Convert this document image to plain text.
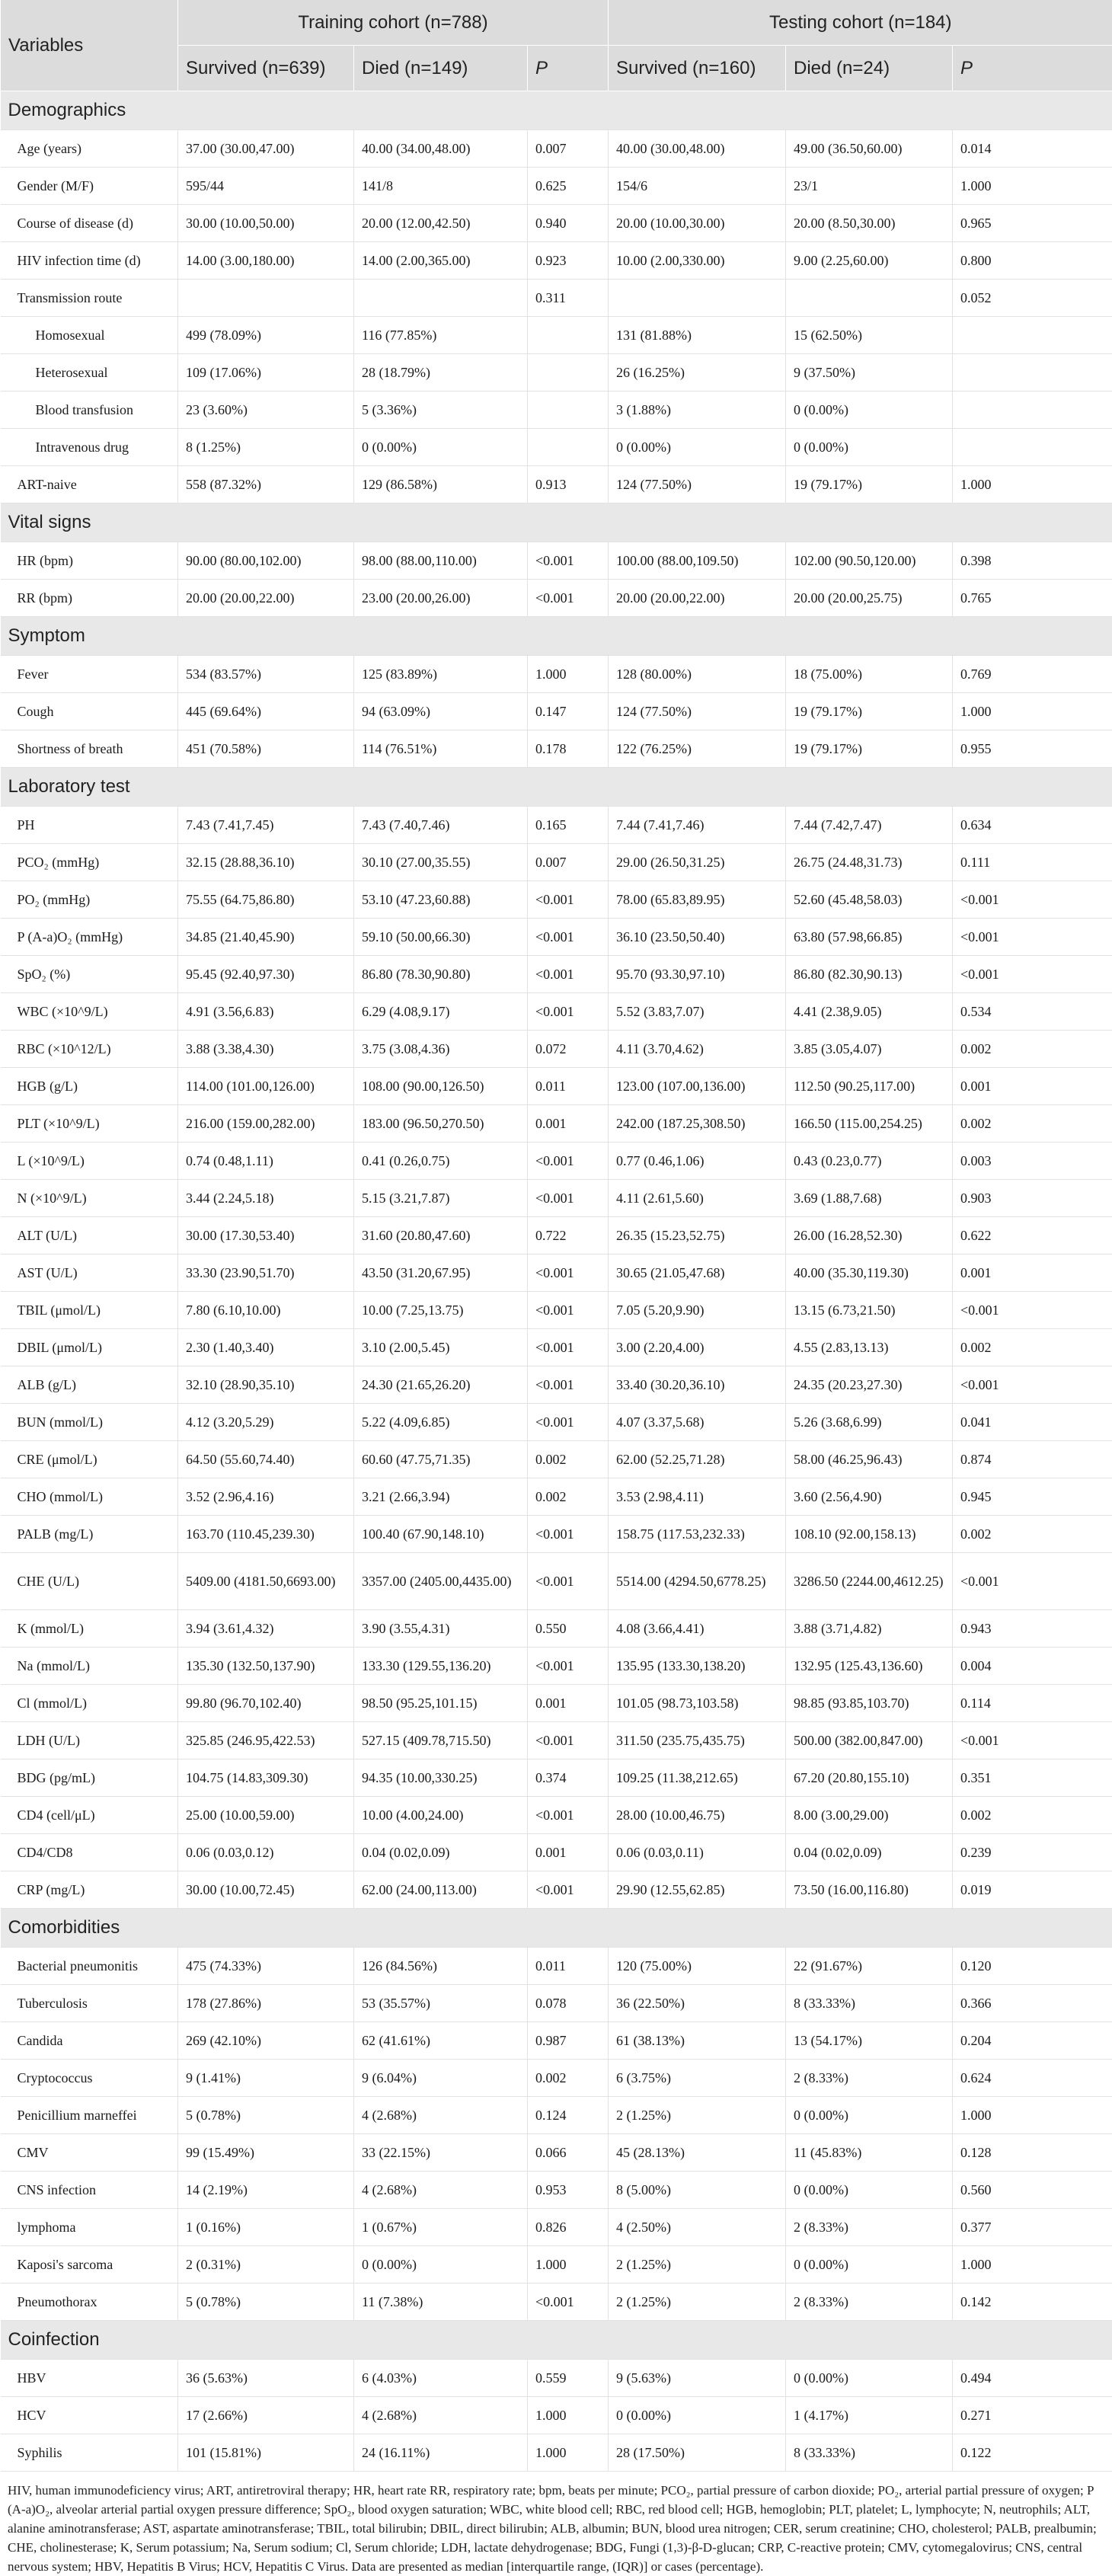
Variables	Training cohort (n=788)			Testing cohort (n=184)		
	Survived (n=639)	Died (n=149)	P	Survived (n=160)	Died (n=24)	P
Demographics						
Age (years)	37.00 (30.00,47.00)	40.00 (34.00,48.00)	0.007	40.00 (30.00,48.00)	49.00 (36.50,60.00)	0.014
Gender (M/F)	595/44	141/8	0.625	154/6	23/1	1.000
Course of disease (d)	30.00 (10.00,50.00)	20.00 (12.00,42.50)	0.940	20.00 (10.00,30.00)	20.00 (8.50,30.00)	0.965
HIV infection time (d)	14.00 (3.00,180.00)	14.00 (2.00,365.00)	0.923	10.00 (2.00,330.00)	9.00 (2.25,60.00)	0.800
Transmission route			0.311			0.052
Homosexual	499 (78.09%)	116 (77.85%)		131 (81.88%)	15 (62.50%)	
Heterosexual	109 (17.06%)	28 (18.79%)		26 (16.25%)	9 (37.50%)	
Blood transfusion	23 (3.60%)	5 (3.36%)		3 (1.88%)	0 (0.00%)	
Intravenous drug	8 (1.25%)	0 (0.00%)		0 (0.00%)	0 (0.00%)	
ART-naive	558 (87.32%)	129 (86.58%)	0.913	124 (77.50%)	19 (79.17%)	1.000
Vital signs						
HR (bpm)	90.00 (80.00,102.00)	98.00 (88.00,110.00)	<0.001	100.00 (88.00,109.50)	102.00 (90.50,120.00)	0.398
RR (bpm)	20.00 (20.00,22.00)	23.00 (20.00,26.00)	<0.001	20.00 (20.00,22.00)	20.00 (20.00,25.75)	0.765
Symptom						
Fever	534 (83.57%)	125 (83.89%)	1.000	128 (80.00%)	18 (75.00%)	0.769
Cough	445 (69.64%)	94 (63.09%)	0.147	124 (77.50%)	19 (79.17%)	1.000
Shortness of breath	451 (70.58%)	114 (76.51%)	0.178	122 (76.25%)	19 (79.17%)	0.955
Laboratory test						
PH	7.43 (7.41,7.45)	7.43 (7.40,7.46)	0.165	7.44 (7.41,7.46)	7.44 (7.42,7.47)	0.634
PCO₂ (mmHg)	32.15 (28.88,36.10)	30.10 (27.00,35.55)	0.007	29.00 (26.50,31.25)	26.75 (24.48,31.73)	0.111
PO₂ (mmHg)	75.55 (64.75,86.80)	53.10 (47.23,60.88)	<0.001	78.00 (65.83,89.95)	52.60 (45.48,58.03)	<0.001
P (A-a)O₂ (mmHg)	34.85 (21.40,45.90)	59.10 (50.00,66.30)	<0.001	36.10 (23.50,50.40)	63.80 (57.98,66.85)	<0.001
SpO₂ (%)	95.45 (92.40,97.30)	86.80 (78.30,90.80)	<0.001	95.70 (93.30,97.10)	86.80 (82.30,90.13)	<0.001
WBC (×10^9/L)	4.91 (3.56,6.83)	6.29 (4.08,9.17)	<0.001	5.52 (3.83,7.07)	4.41 (2.38,9.05)	0.534
RBC (×10^12/L)	3.88 (3.38,4.30)	3.75 (3.08,4.36)	0.072	4.11 (3.70,4.62)	3.85 (3.05,4.07)	0.002
HGB (g/L)	114.00 (101.00,126.00)	108.00 (90.00,126.50)	0.011	123.00 (107.00,136.00)	112.50 (90.25,117.00)	0.001
PLT (×10^9/L)	216.00 (159.00,282.00)	183.00 (96.50,270.50)	0.001	242.00 (187.25,308.50)	166.50 (115.00,254.25)	0.002
L (×10^9/L)	0.74 (0.48,1.11)	0.41 (0.26,0.75)	<0.001	0.77 (0.46,1.06)	0.43 (0.23,0.77)	0.003
N (×10^9/L)	3.44 (2.24,5.18)	5.15 (3.21,7.87)	<0.001	4.11 (2.61,5.60)	3.69 (1.88,7.68)	0.903
ALT (U/L)	30.00 (17.30,53.40)	31.60 (20.80,47.60)	0.722	26.35 (15.23,52.75)	26.00 (16.28,52.30)	0.622
AST (U/L)	33.30 (23.90,51.70)	43.50 (31.20,67.95)	<0.001	30.65 (21.05,47.68)	40.00 (35.30,119.30)	0.001
TBIL (μmol/L)	7.80 (6.10,10.00)	10.00 (7.25,13.75)	<0.001	7.05 (5.20,9.90)	13.15 (6.73,21.50)	<0.001
DBIL (μmol/L)	2.30 (1.40,3.40)	3.10 (2.00,5.45)	<0.001	3.00 (2.20,4.00)	4.55 (2.83,13.13)	0.002
ALB (g/L)	32.10 (28.90,35.10)	24.30 (21.65,26.20)	<0.001	33.40 (30.20,36.10)	24.35 (20.23,27.30)	<0.001
BUN (mmol/L)	4.12 (3.20,5.29)	5.22 (4.09,6.85)	<0.001	4.07 (3.37,5.68)	5.26 (3.68,6.99)	0.041
CRE (μmol/L)	64.50 (55.60,74.40)	60.60 (47.75,71.35)	0.002	62.00 (52.25,71.28)	58.00 (46.25,96.43)	0.874
CHO (mmol/L)	3.52 (2.96,4.16)	3.21 (2.66,3.94)	0.002	3.53 (2.98,4.11)	3.60 (2.56,4.90)	0.945
PALB (mg/L)	163.70 (110.45,239.30)	100.40 (67.90,148.10)	<0.001	158.75 (117.53,232.33)	108.10 (92.00,158.13)	0.002
CHE (U/L)	5409.00 (4181.50,6693.00)	3357.00 (2405.00,4435.00)	<0.001	5514.00 (4294.50,6778.25)	3286.50 (2244.00,4612.25)	<0.001
K (mmol/L)	3.94 (3.61,4.32)	3.90 (3.55,4.31)	0.550	4.08 (3.66,4.41)	3.88 (3.71,4.82)	0.943
Na (mmol/L)	135.30 (132.50,137.90)	133.30 (129.55,136.20)	<0.001	135.95 (133.30,138.20)	132.95 (125.43,136.60)	0.004
Cl (mmol/L)	99.80 (96.70,102.40)	98.50 (95.25,101.15)	0.001	101.05 (98.73,103.58)	98.85 (93.85,103.70)	0.114
LDH (U/L)	325.85 (246.95,422.53)	527.15 (409.78,715.50)	<0.001	311.50 (235.75,435.75)	500.00 (382.00,847.00)	<0.001
BDG (pg/mL)	104.75 (14.83,309.30)	94.35 (10.00,330.25)	0.374	109.25 (11.38,212.65)	67.20 (20.80,155.10)	0.351
CD4 (cell/μL)	25.00 (10.00,59.00)	10.00 (4.00,24.00)	<0.001	28.00 (10.00,46.75)	8.00 (3.00,29.00)	0.002
CD4/CD8	0.06 (0.03,0.12)	0.04 (0.02,0.09)	0.001	0.06 (0.03,0.11)	0.04 (0.02,0.09)	0.239
CRP (mg/L)	30.00 (10.00,72.45)	62.00 (24.00,113.00)	<0.001	29.90 (12.55,62.85)	73.50 (16.00,116.80)	0.019
Comorbidities						
Bacterial pneumonitis	475 (74.33%)	126 (84.56%)	0.011	120 (75.00%)	22 (91.67%)	0.120
Tuberculosis	178 (27.86%)	53 (35.57%)	0.078	36 (22.50%)	8 (33.33%)	0.366
Candida	269 (42.10%)	62 (41.61%)	0.987	61 (38.13%)	13 (54.17%)	0.204
Cryptococcus	9 (1.41%)	9 (6.04%)	0.002	6 (3.75%)	2 (8.33%)	0.624
Penicillium marneffei	5 (0.78%)	4 (2.68%)	0.124	2 (1.25%)	0 (0.00%)	1.000
CMV	99 (15.49%)	33 (22.15%)	0.066	45 (28.13%)	11 (45.83%)	0.128
CNS infection	14 (2.19%)	4 (2.68%)	0.953	8 (5.00%)	0 (0.00%)	0.560
lymphoma	1 (0.16%)	1 (0.67%)	0.826	4 (2.50%)	2 (8.33%)	0.377
Kaposi's sarcoma	2 (0.31%)	0 (0.00%)	1.000	2 (1.25%)	0 (0.00%)	1.000
Pneumothorax	5 (0.78%)	11 (7.38%)	<0.001	2 (1.25%)	2 (8.33%)	0.142
Coinfection						
HBV	36 (5.63%)	6 (4.03%)	0.559	9 (5.63%)	0 (0.00%)	0.494
HCV	17 (2.66%)	4 (2.68%)	1.000	0 (0.00%)	1 (4.17%)	0.271
Syphilis	101 (15.81%)	24 (16.11%)	1.000	28 (17.50%)	8 (33.33%)	0.122

HIV, human immunodeficiency virus; ART, antiretroviral therapy; HR, heart rate RR, respiratory rate; bpm, beats per minute; PCO₂, partial pressure of carbon dioxide; PO₂, arterial partial pressure of oxygen; P (A-a)O₂, alveolar arterial partial oxygen pressure difference; SpO₂, blood oxygen saturation; WBC, white blood cell; RBC, red blood cell; HGB, hemoglobin; PLT, platelet; L, lymphocyte; N, neutrophils; ALT, alanine aminotransferase; AST, aspartate aminotransferase; TBIL, total bilirubin; DBIL, direct bilirubin; ALB, albumin; BUN, blood urea nitrogen; CER, serum creatinine; CHO, cholesterol; PALB, prealbumin; CHE, cholinesterase; K, Serum potassium; Na, Serum sodium; Cl, Serum chloride; LDH, lactate dehydrogenase; BDG, Fungi (1,3)-β-D-glucan; CRP, C-reactive protein; CMV, cytomegalovirus; CNS, central nervous system; HBV, Hepatitis B Virus; HCV, Hepatitis C Virus. Data are presented as median [interquartile range, (IQR)] or cases (percentage).
